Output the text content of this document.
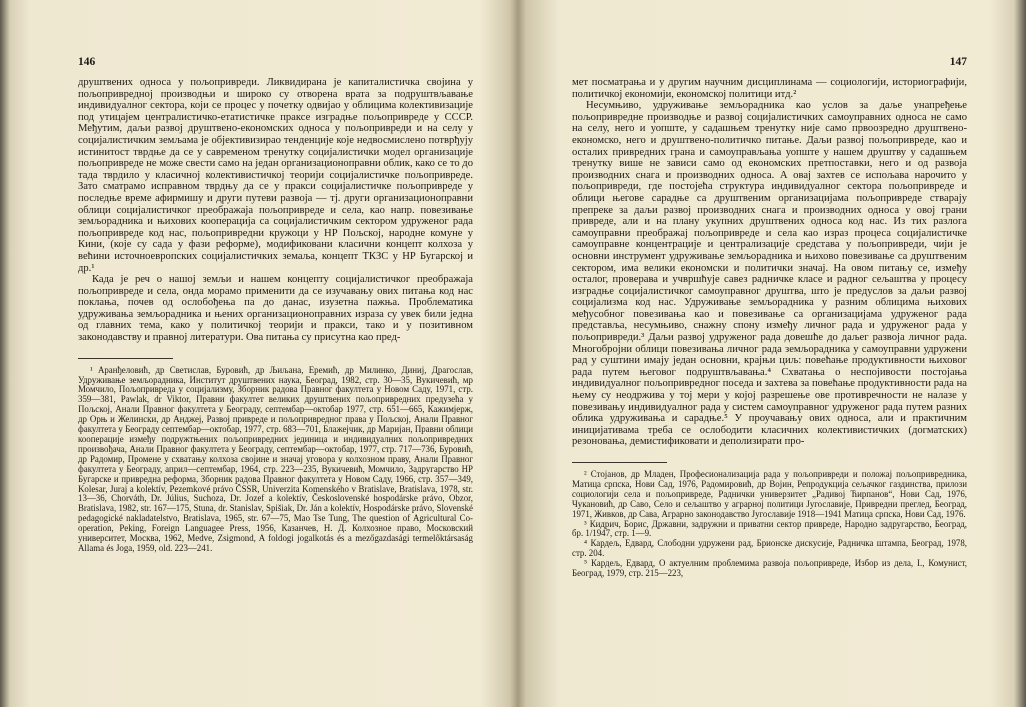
146

друштвених односа у пољопривреди. Ликвидирана је капиталистичка својина у пољопривредној производњи и широко су отворена врата за подруштвљавање индивидуалног сектора, који се процес у почетку одвијао у облицима колективизације под утицајем централистичко-етатистичке праксе изградње пољопривреде у СССР. Међутим, даљи развој друштвено-економских односа у пољопривреди и на селу у социјалистичким земљама је објективизирао тенденције које недвосмислено потврђују истинитост тврдње да се у савременом тренутку социјалистички модел организације пољопривреде не може свести само на један организационоправни облик, како се то до тада тврдило у класичној колективистичкој теорији социјалистичке пољопривреде. Зато сматрамо исправном тврдњу да се у пракси социјалистичке пољопривреде у последње време афирмишу и други путеви развоја — тј. други организационоправни облици социјалистичког преображаја пољопривреде и села, као напр. повезивање земљорадника и њихових кооперација са социјалистичким сектором удруженог рада пољопривреде код нас, пољопривредни кружоци у НР Пољској, народне комуне у Кини, (које су сада у фази реформе), модификовани класични концепт колхоза у већини источноевропских социјалистичких земаља, концепт ТКЗС у НР Бугарској и др.¹

Када је реч о нашој земљи и нашем концепту социјалистичког преображаја пољопривреде и села, онда морамо применити да се изучавању ових питања код нас поклања, почев од ослобођења па до данас, изузетна пажња. Проблематика удруживања земљорадника и њених организационоправних израза су увек били једна од главних тема, како у политичкој теорији и пракси, тако и у позитивном законодавству и правној литератури. Ова питања су присутна као пред-

¹ Аранђеловић, др Светислав, Буровић, др Љиљана, Еремић, др Милинко, Диниј, Драгослав, Удруживање земљорадника, Институт друштвених наука, Београд, 1982, стр. 30—35, Вукичевић, мр Момчило, Пољопривреда у социјализму, Зборник радова Правног факултета у Новом Саду, 1971, стр. 359—381, Pawlak, dr Viktor, Правни факултет великих друштвених пољопривредних предузећа у Пољској, Анали Правног факултета у Београду, септембар—октобар 1977, стр. 651—665, Кажимјерж, др Орњ и Желински, др Анджеј, Развој привреде и пољопривредног права у Пољској, Анали Правног факултета у Београду септембар—октобар, 1977, стр. 683—701, Блажејчик, др Маријан, Правни облици кооперације између подружтњених пољопривредних јединица и индивидуалних пољопривредних произвођача, Анали Правног факултета у Београду, септембар—октобар, 1977, стр. 717—736, Буровић, др Радомир, Промене у схватању колхоза својине и значај уговора у колхозном праву, Анали Правног факултета у Београду, април—септембар, 1964, стр. 223—235, Вукичевић, Момчило, Задругарство НР Бугарске и привредна реформа, Зборник радова Правног факултета у Новом Саду, 1966, стр. 357—349, Kolesar, Juraj a kolektív, Pezemkové právo ČSSR, Univerzita Komenského v Bratislave, Bratislava, 1978, str. 13—36, Chorváth, Dr. Július, Suchoza, Dr. Jozef a kolektív, Československé hospodárske právo, Obzor, Bratislava, 1982, str. 167—175, Stuna, dr. Stanislav, Spišiak, Dr. Ján a kolektív, Hospodárske právo, Slovenské pedagogické nakladatelstvo, Bratislava, 1965, str. 67—75, Mao Tse Tung, The question of Agricultural Co-operation, Peking, Foreign Languagee Press, 1956, Казанчев, Н. Д. Колхозное право, Московский университет, Москва, 1962, Medve, Zsigmond, A foldogi jogalkotás és a mezőgazdasági termelőktársaság Allama és Joga, 1959, old. 223—241.

147

мет посматрања и у другим научним дисциплинама — социологији, историографији, политичкој економији, економској политици итд.²

Несумњиво, удруживање земљорадника као услов за даље унапређење пољопривредне производње и развој социјалистичких самоуправних односа не само на селу, него и уопште, у садашњем тренутку није само првоозредно друштвено-економско, него и друштвено-политичко питање. Даљи развој пољопривреде, као и осталих привредних грана и самоуправљања уопште у нашем друштву у садашњем тренутку више не зависи само од економских претпоставки, него и од развоја производних снага и производних односа. А овај захтев се испољава нарочито у пољопривреди, где постојећа структура индивидуалног сектора пољопривреде и облици његове сарадње са друштвеним организацијама пољопривреде стварају препреке за даљи развој производних снага и производних односа у овој грани привреде, али и на плану укупних друштвених односа код нас. Из тих разлога самоуправни преображај пољопривреде и села као израз процеса социјалистичке самоуправне концентрације и централизације средстава у пољопривреди, чији је основни инструмент удруживање земљорадника и њихово повезивање са друштвеним сектором, има велики економски и политички значај. На овом питању се, између осталог, проверава и учвршћује савез радничке класе и радног сељаштва у процесу изградње социјалистичког самоуправног друштва, што је предуслов за даљи развој социјализма код нас. Удруживање земљорадника у разним облицима њихових међусобног повезивања као и повезивање са организацијама удруженог рада представља, несумњиво, снажну спону између личног рада и удруженог рада у пољопривреди.³ Даљи развој удруженог рада довешће до даљег развоја личног рада. Многобројни облици повезивања личног рада земљорадника у самоуправни удружени рад у суштини имају један основни, крајњи циљ: повећање продуктивности њиховог рада путем његовог подруштвљавања.⁴ Схватања о неспојивости постојања индивидуалног пољопривредног поседа и захтева за повећање продуктивности рада на њему су неодржива у тој мери у којој разрешење ове противречности не налазе у повезивању индивидуалног рада у систем самоуправног удруженог рада путем разних облика удруживања и сарадње.⁵ У проучавању ових односа, али и практичним иницијативама треба се ослободити класичних колективистичких (догматских) резоновања, демистификовати и деполизирати про-

² Стојанов, др Младен, Професионализација рада у пољопривреди и положај пољопривредника, Матица српска, Нови Сад, 1976, Радомировић, др Војин, Репродукција сељачког газдинства, прилози социологији села и пољопривреде, Раднички универзитет „Радивој Ћирпанов“, Нови Сад, 1976, Чукановић, др Саво, Село и сељаштво у аграрној политици Југославије, Привредни преглед, Београд, 1971, Живков, др Сава, Аграрно законодавство Југославије 1918—1941 Матица српска, Нови Сад, 1976.

³ Кидрич, Борис, Државни, задружни и приватни сектор привреде, Народно задругарство, Београд, бр. 1/1947, стр. 1—9.

⁴ Кардељ, Едвард, Слободни удружени рад, Брионске дискусије, Радничка штампа, Београд, 1978, стр. 204.

⁵ Кардељ, Едвард, О актуелним проблемима развоја пољопривреде, Избор из дела, I., Комунист, Београд, 1979, стр. 215—223,
